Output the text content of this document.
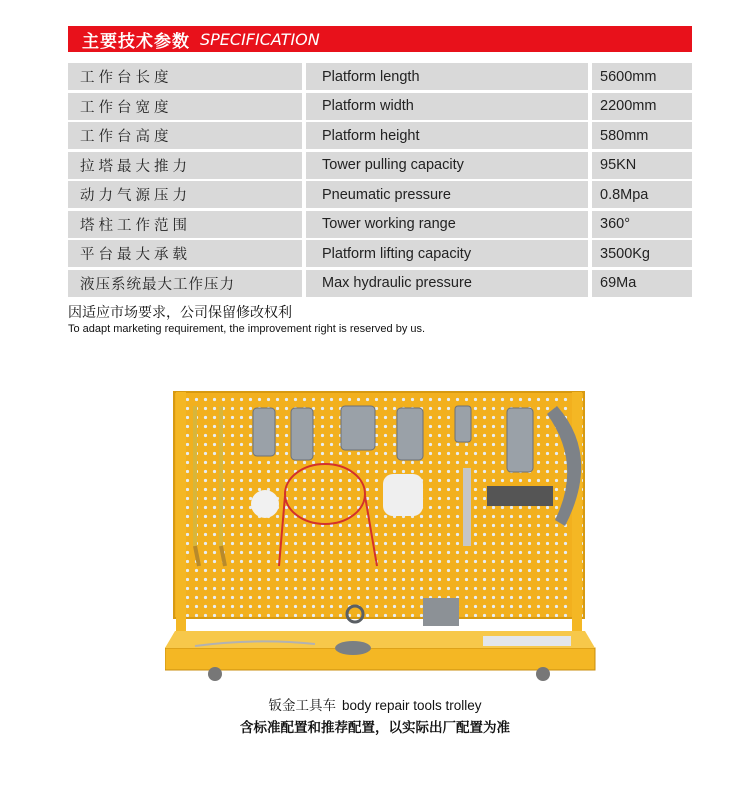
主要技术参数 SPECIFICATION
工作台长度	Platform length	5600mm
工作台宽度	Platform width	2200mm
工作台高度	Platform height	580mm
拉塔最大推力	Tower pulling capacity	95KN
动力气源压力	Pneumatic pressure	0.8Mpa
塔柱工作范围	Tower working range	360°
平台最大承载	Platform lifting capacity	3500Kg
液压系统最大工作压力	Max hydraulic pressure	69Ma
因适应市场要求，公司保留修改权利
To adapt marketing requirement, the improvement right is reserved by us.
钣金工具车 body repair tools trolley
含标准配置和推荐配置，以实际出厂配置为准
